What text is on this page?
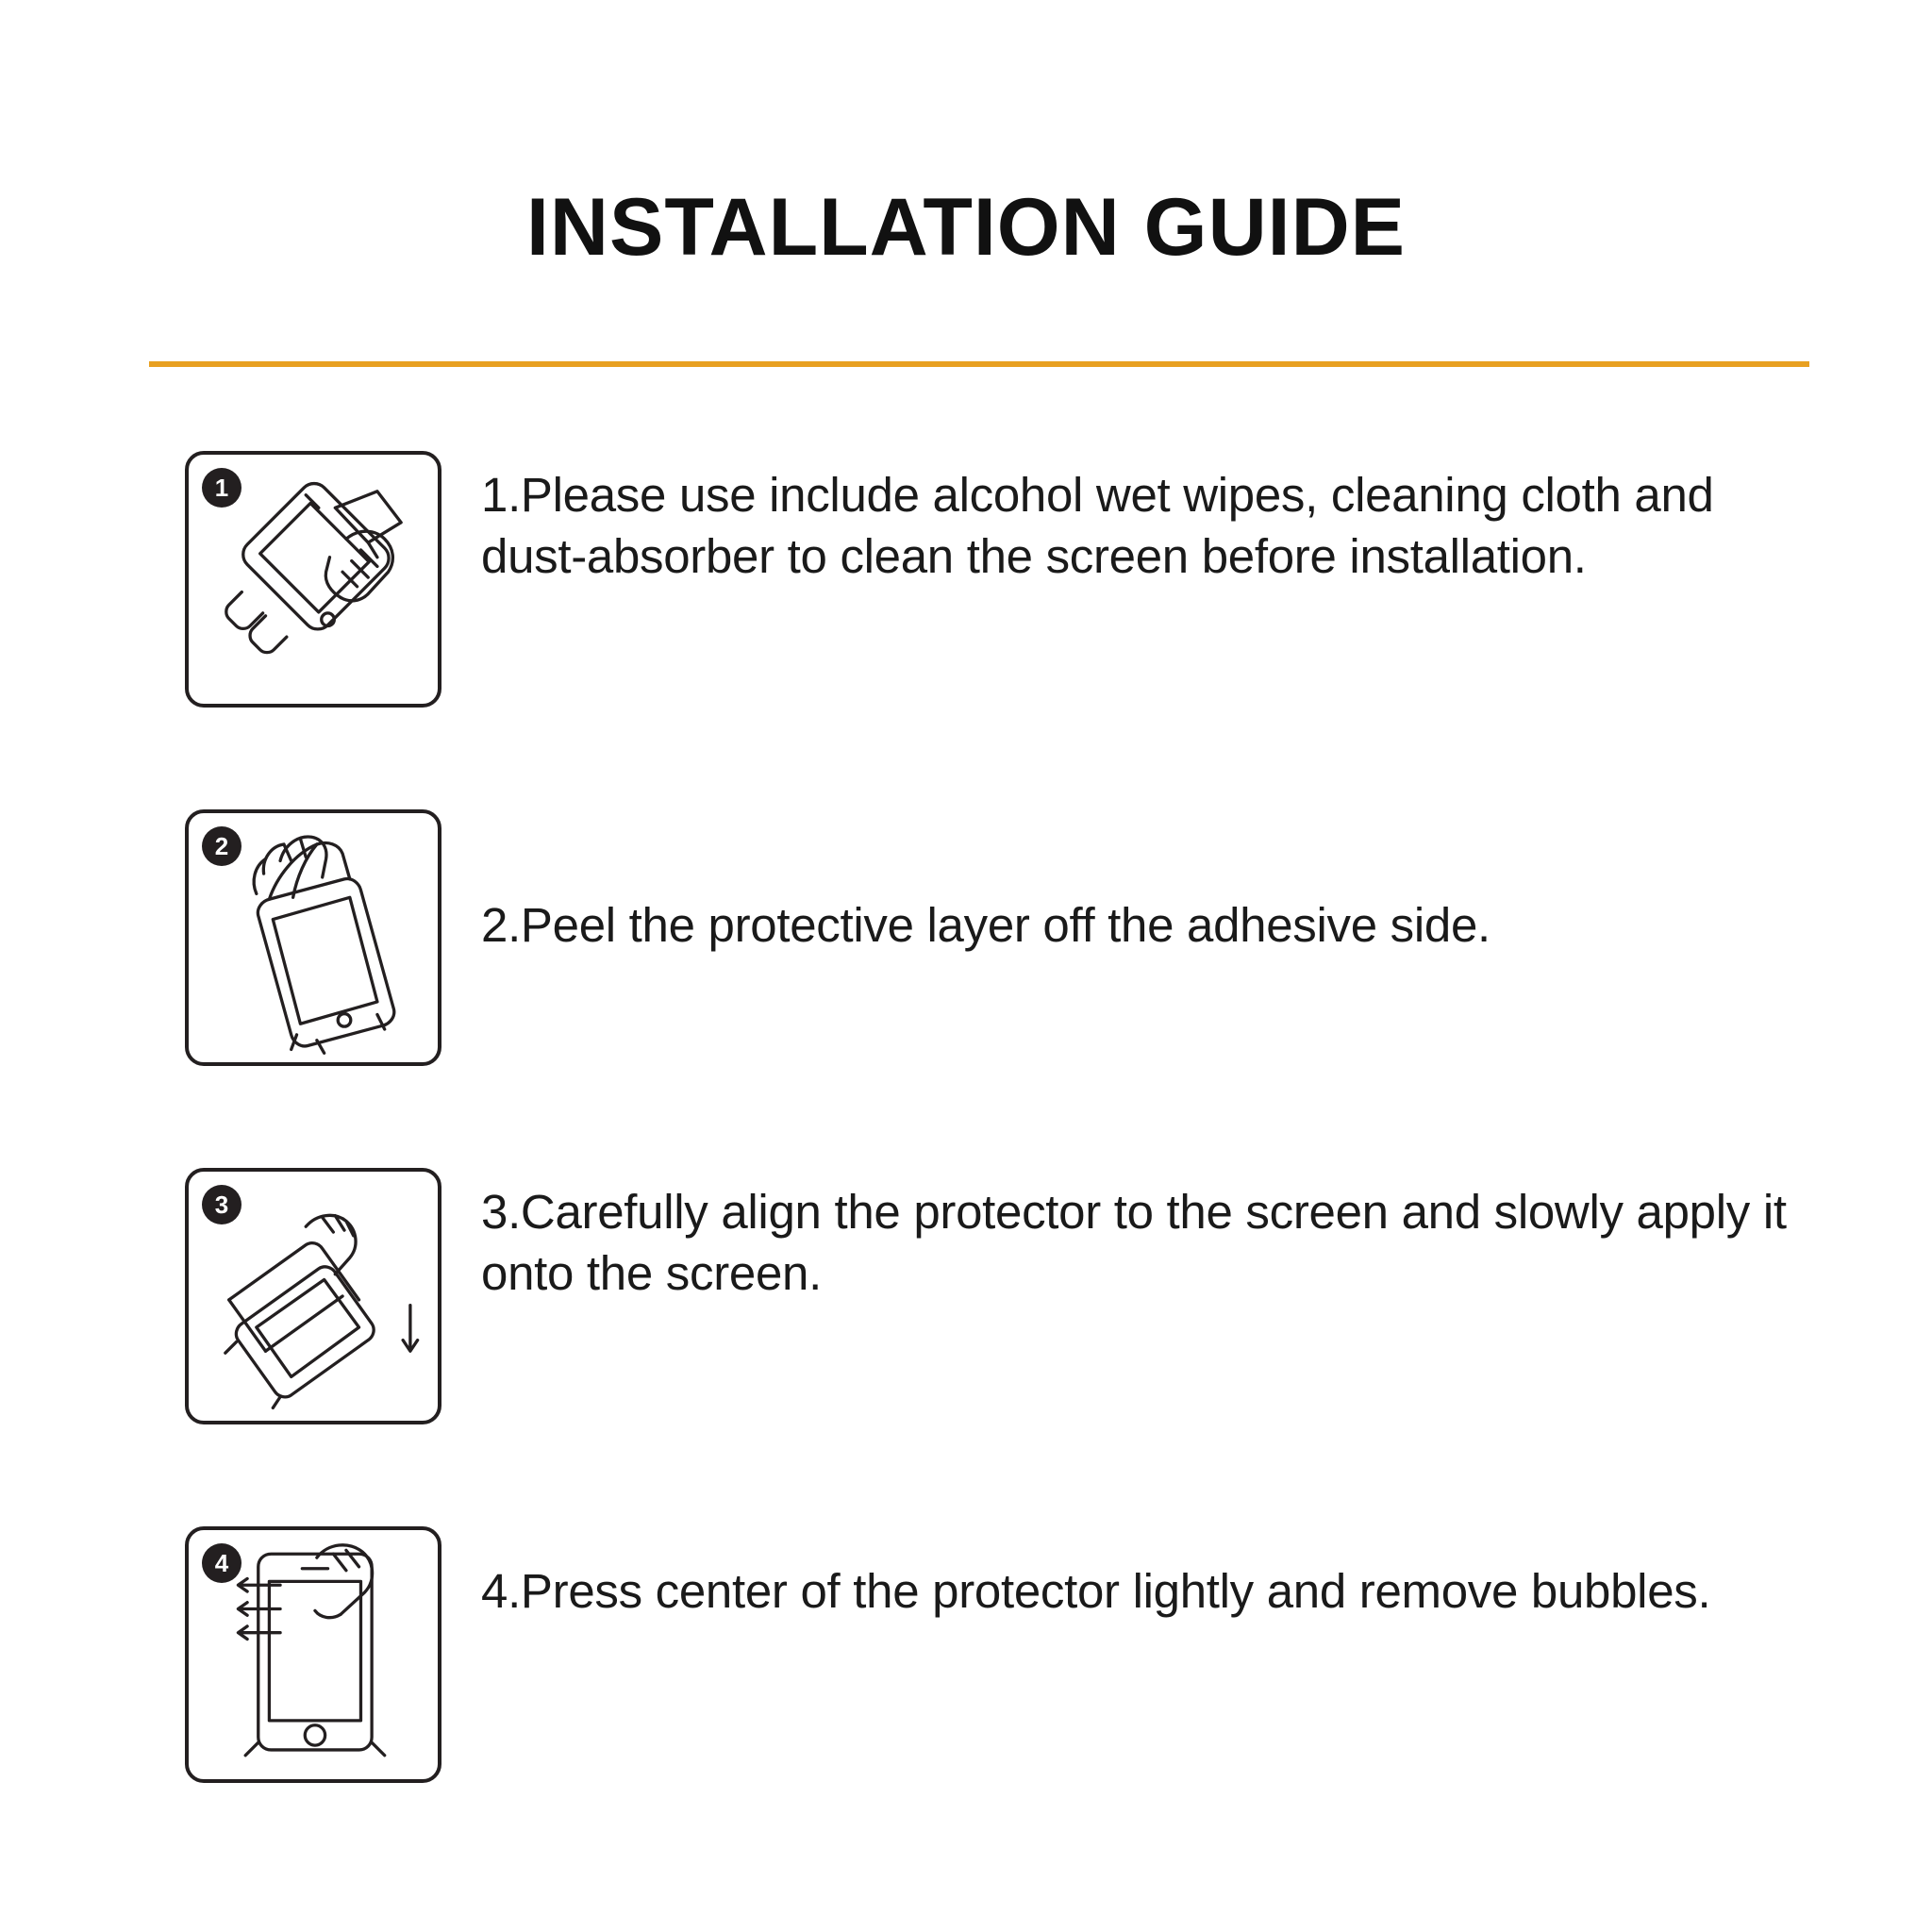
INSTALLATION GUIDE
1	1.Please use include alcohol wet wipes, cleaning cloth and dust-absorber to clean the screen before installation.
2
2.Peel the protective layer off the adhesive side.
3	3.Carefully align the protector to the screen and slowly apply it onto the screen.
4
4.Press center of the protector lightly and remove bubbles.
